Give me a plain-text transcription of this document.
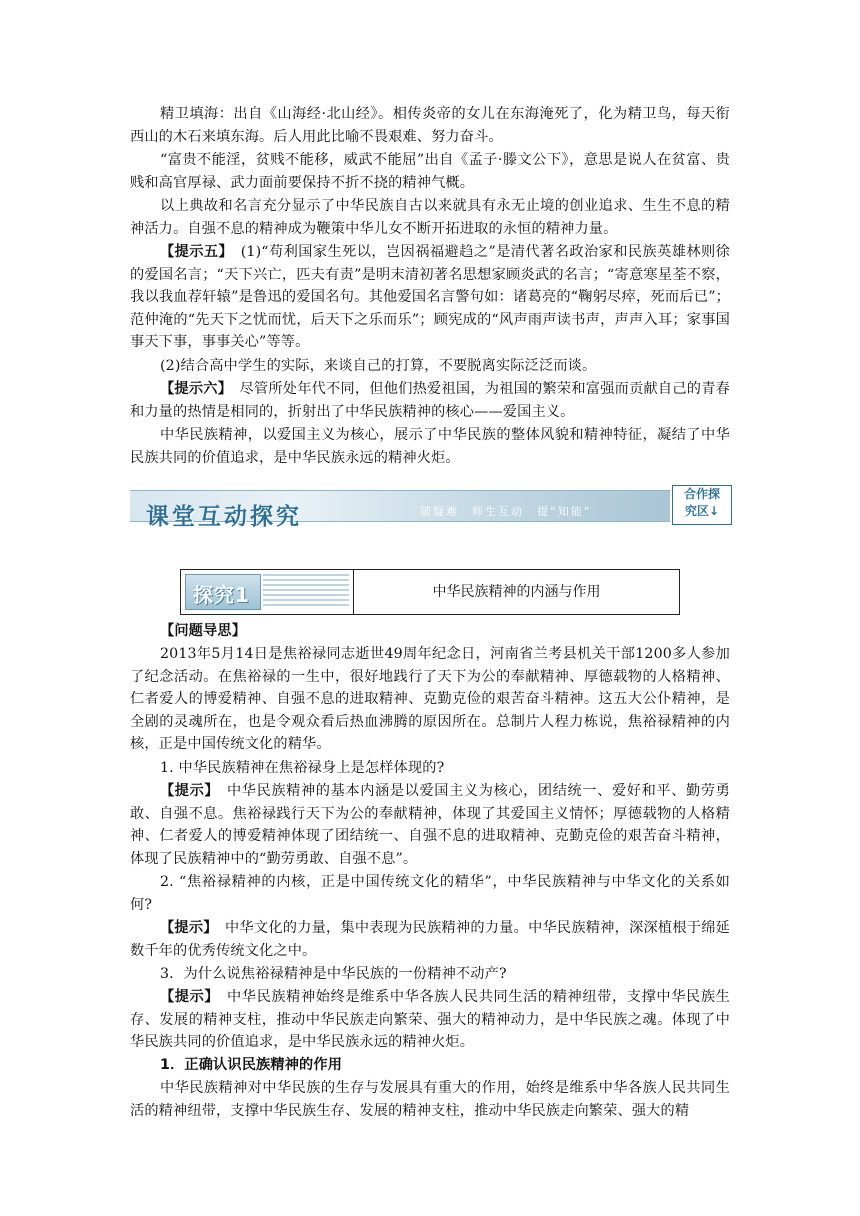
精卫填海：出自《山海经·北山经》。相传炎帝的女儿在东海淹死了，化为精卫鸟，每天衔西山的木石来填东海。后人用此比喻不畏艰难、努力奋斗。

“富贵不能淫，贫贱不能移，威武不能屈”出自《孟子·滕文公下》，意思是说人在贫富、贵贱和高官厚禄、武力面前要保持不折不挠的精神气概。

以上典故和名言充分显示了中华民族自古以来就具有永无止境的创业追求、生生不息的精神活力。自强不息的精神成为鞭策中华儿女不断开拓进取的永恒的精神力量。

【提示五】　(1)“苟利国家生死以，岂因祸福避趋之”是清代著名政治家和民族英雄林则徐的爱国名言；“天下兴亡，匹夫有责”是明末清初著名思想家顾炎武的名言；“寄意寒星荃不察，我以我血荐轩辕”是鲁迅的爱国名句。其他爱国名言警句如：诸葛亮的“鞠躬尽瘁，死而后已”；范仲淹的“先天下之忧而忧，后天下之乐而乐”；顾宪成的“风声雨声读书声，声声入耳；家事国事天下事，事事关心”等等。

(2)结合高中学生的实际，来谈自己的打算，不要脱离实际泛泛而谈。

【提示六】　尽管所处年代不同，但他们热爱祖国，为祖国的繁荣和富强而贡献自己的青春和力量的热情是相同的，折射出了中华民族精神的核心——爱国主义。

中华民族精神，以爱国主义为核心，展示了中华民族的整体风貌和精神特征，凝结了中华民族共同的价值追求，是中华民族永远的精神火炬。

课堂互动探究	破疑难　师生互动　提“知能”
合作探
究区↓
探究1	中华民族精神的内涵与作用

【问题导思】

2013年5月14日是焦裕禄同志逝世49周年纪念日，河南省兰考县机关干部1200多人参加了纪念活动。在焦裕禄的一生中，很好地践行了天下为公的奉献精神、厚德载物的人格精神、仁者爱人的博爱精神、自强不息的进取精神、克勤克俭的艰苦奋斗精神。这五大公仆精神，是全剧的灵魂所在，也是令观众看后热血沸腾的原因所在。总制片人程力栋说，焦裕禄精神的内核，正是中国传统文化的精华。

1. 中华民族精神在焦裕禄身上是怎样体现的?

【提示】　中华民族精神的基本内涵是以爱国主义为核心，团结统一、爱好和平、勤劳勇敢、自强不息。焦裕禄践行天下为公的奉献精神，体现了其爱国主义情怀；厚德载物的人格精神、仁者爱人的博爱精神体现了团结统一、自强不息的进取精神、克勤克俭的艰苦奋斗精神，体现了民族精神中的“勤劳勇敢、自强不息”。

2. “焦裕禄精神的内核，正是中国传统文化的精华”，中华民族精神与中华文化的关系如何?

【提示】　中华文化的力量，集中表现为民族精神的力量。中华民族精神，深深植根于绵延数千年的优秀传统文化之中。

3．为什么说焦裕禄精神是中华民族的一份精神不动产?

【提示】　中华民族精神始终是维系中华各族人民共同生活的精神纽带，支撑中华民族生存、发展的精神支柱，推动中华民族走向繁荣、强大的精神动力，是中华民族之魂。体现了中华民族共同的价值追求，是中华民族永远的精神火炬。

1．正确认识民族精神的作用

中华民族精神对中华民族的生存与发展具有重大的作用，始终是维系中华各族人民共同生活的精神纽带，支撑中华民族生存、发展的精神支柱，推动中华民族走向繁荣、强大的精
